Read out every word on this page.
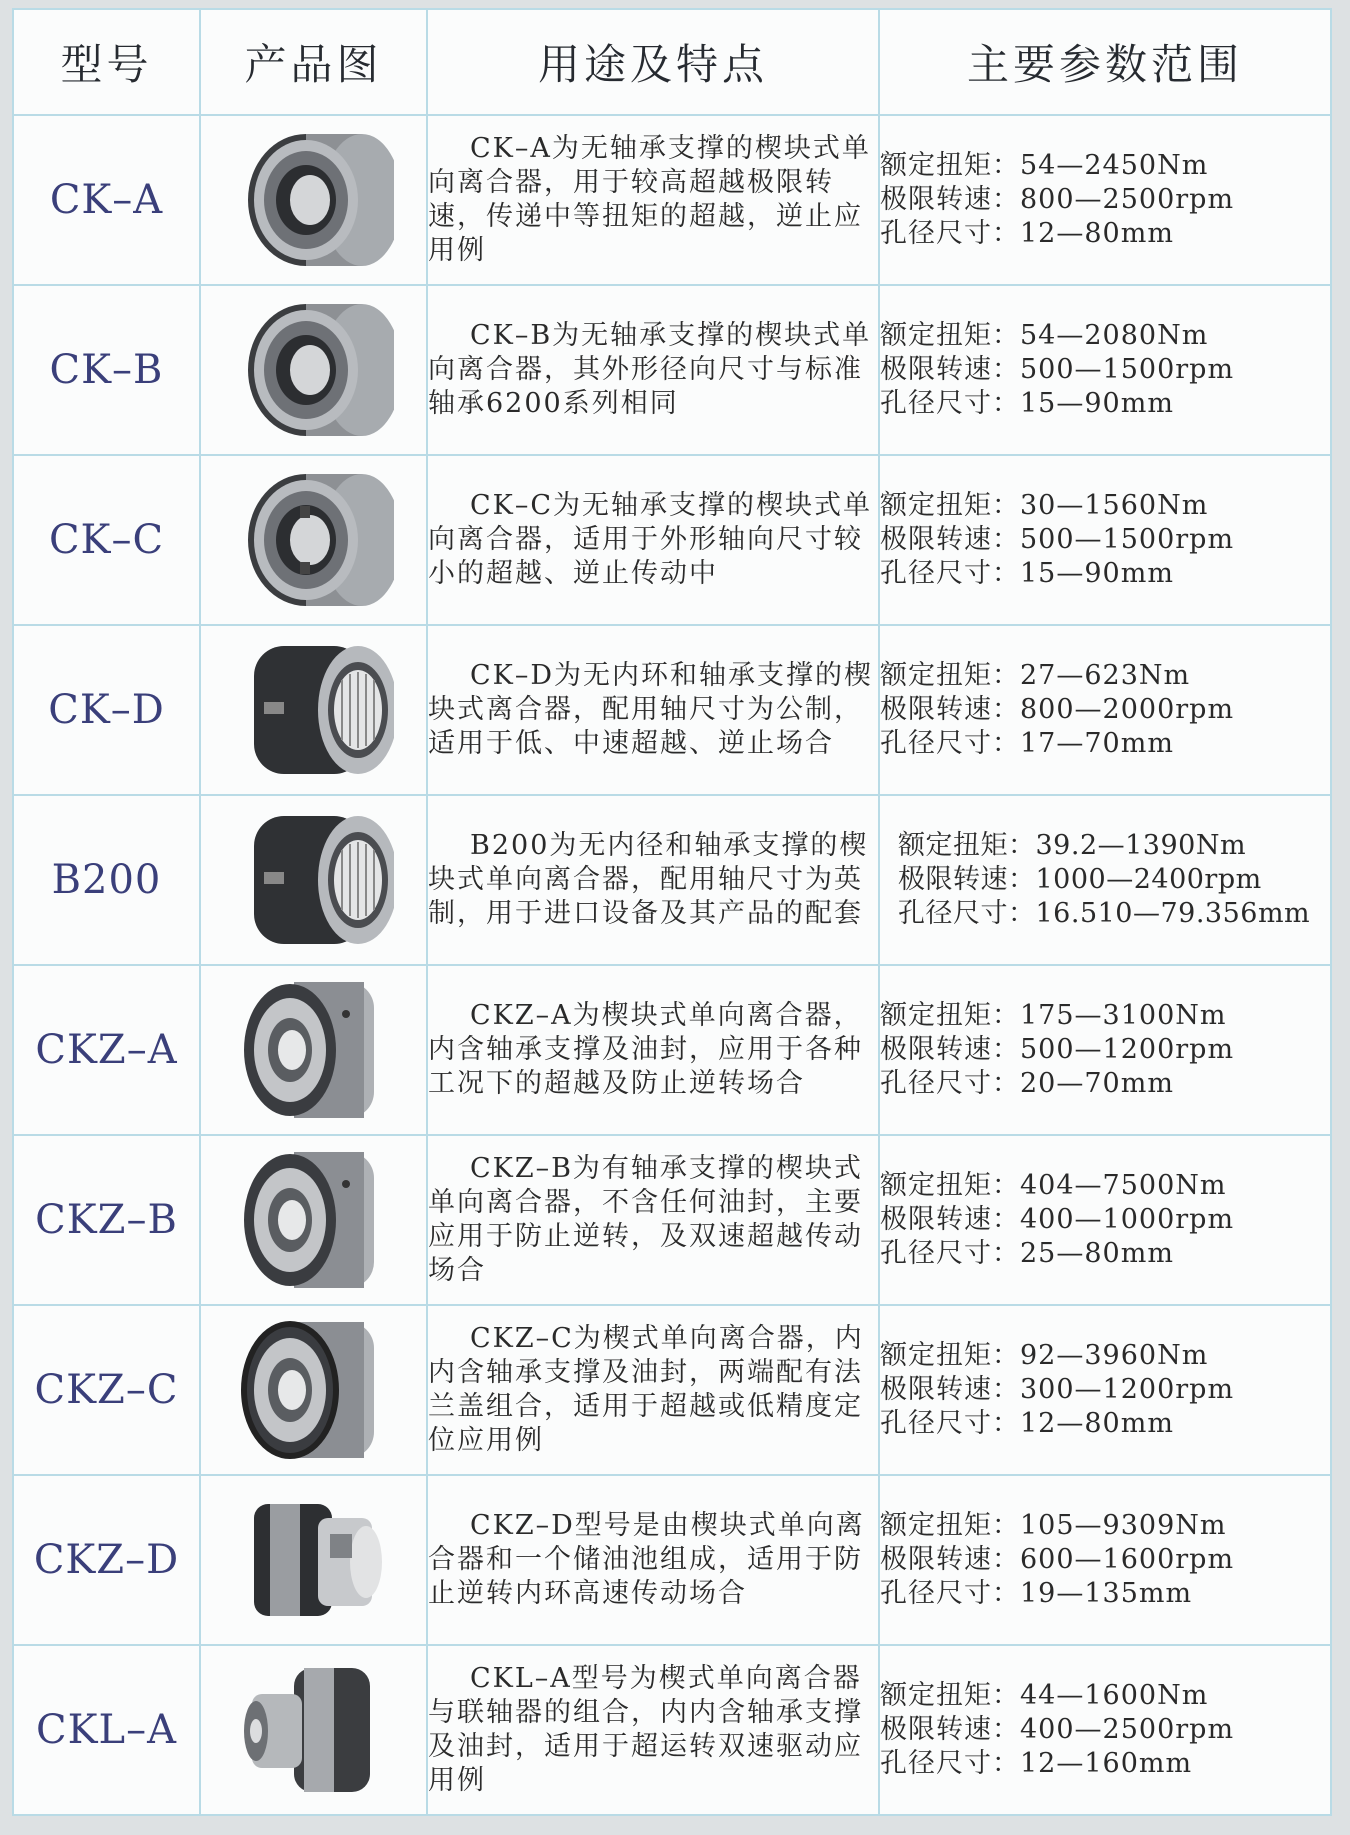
型号	产品图	用途及特点	主要参数范围
CK–A		CK–A为无轴承支撑的楔块式单向离合器，用于较高超越极限转速，传递中等扭矩的超越，逆止应用例	额定扭矩：54—2450Nm
极限转速：800—2500rpm
孔径尺寸：12—80mm

CK–B		CK–B为无轴承支撑的楔块式单向离合器，其外形径向尺寸与标准轴承6200系列相同	额定扭矩：54—2080Nm
极限转速：500—1500rpm
孔径尺寸：15—90mm

CK–C		CK–C为无轴承支撑的楔块式单向离合器，适用于外形轴向尺寸较小的超越、逆止传动中	额定扭矩：30—1560Nm
极限转速：500—1500rpm
孔径尺寸：15—90mm

CK–D		CK–D为无内环和轴承支撑的楔块式离合器，配用轴尺寸为公制，适用于低、中速超越、逆止场合	额定扭矩：27—623Nm
极限转速：800—2000rpm
孔径尺寸：17—70mm

B200		B200为无内径和轴承支撑的楔块式单向离合器，配用轴尺寸为英制，用于进口设备及其产品的配套	额定扭矩：39.2—1390Nm
极限转速：1000—2400rpm
孔径尺寸：16.510—79.356mm

CKZ–A		CKZ–A为楔块式单向离合器，内含轴承支撑及油封，应用于各种工况下的超越及防止逆转场合	额定扭矩：175—3100Nm
极限转速：500—1200rpm
孔径尺寸：20—70mm

CKZ–B		CKZ–B为有轴承支撑的楔块式单向离合器，不含任何油封，主要应用于防止逆转，及双速超越传动场合	额定扭矩：404—7500Nm
极限转速：400—1000rpm
孔径尺寸：25—80mm

CKZ–C		CKZ–C为楔式单向离合器，内内含轴承支撑及油封，两端配有法兰盖组合，适用于超越或低精度定位应用例	额定扭矩：92—3960Nm
极限转速：300—1200rpm
孔径尺寸：12—80mm

CKZ–D		CKZ–D型号是由楔块式单向离合器和一个储油池组成，适用于防止逆转内环高速传动场合	额定扭矩：105—9309Nm
极限转速：600—1600rpm
孔径尺寸：19—135mm

CKL–A		CKL–A型号为楔式单向离合器与联轴器的组合，内内含轴承支撑及油封，适用于超运转双速驱动应用例	额定扭矩：44—1600Nm
极限转速：400—2500rpm
孔径尺寸：12—160mm
